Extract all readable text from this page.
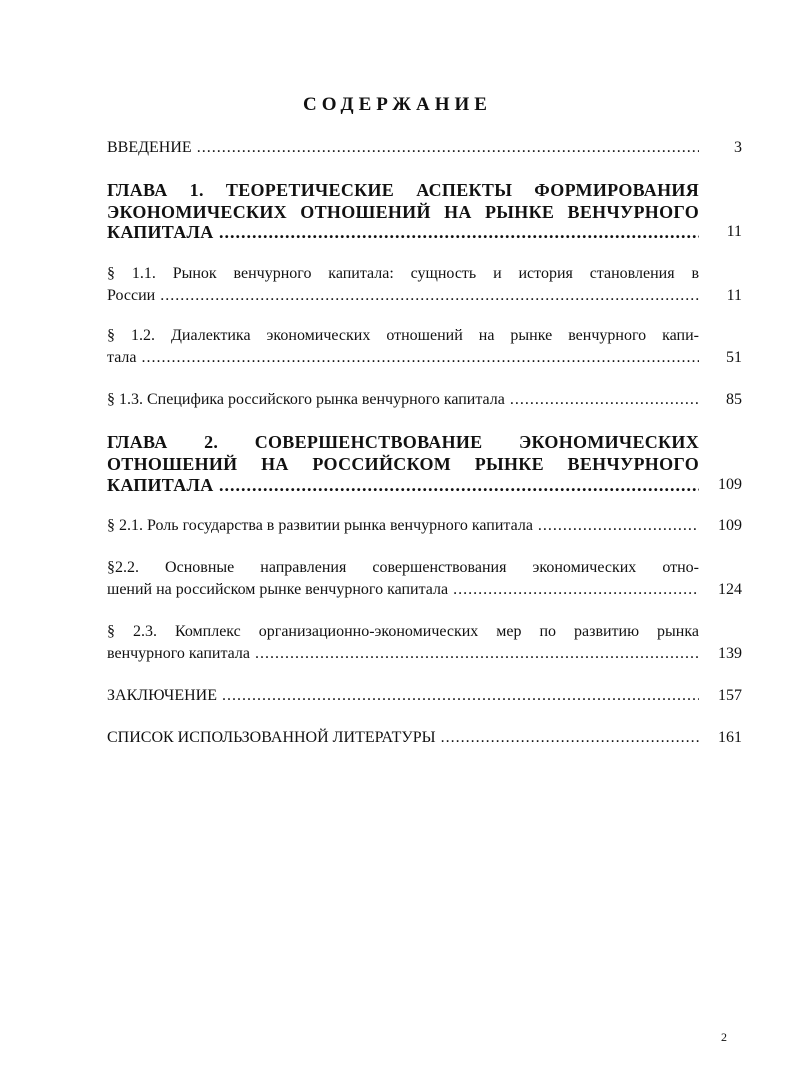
СОДЕРЖАНИЕ
ВВЕДЕНИЕ .....	3
ГЛАВА 1. ТЕОРЕТИЧЕСКИЕ АСПЕКТЫ ФОРМИРОВАНИЯ
ЭКОНОМИЧЕСКИХ ОТНОШЕНИЙ НА РЫНКЕ ВЕНЧУРНОГО
КАПИТАЛА .....	11
§ 1.1. Рынок венчурного капитала: сущность и история становления в
России .....	11
§ 1.2. Диалектика экономических отношений на рынке венчурного капи-
тала .....	51
§ 1.3. Специфика российского рынка венчурного капитала .....	85
ГЛАВА 2. СОВЕРШЕНСТВОВАНИЕ ЭКОНОМИЧЕСКИХ
ОТНОШЕНИЙ НА РОССИЙСКОМ РЫНКЕ ВЕНЧУРНОГО
КАПИТАЛА .....	109
§ 2.1. Роль государства в развитии рынка венчурного капитала .....	109
§2.2. Основные направления совершенствования экономических отно-
шений на российском рынке венчурного капитала .....	124
§ 2.3. Комплекс организационно-экономических мер по развитию рынка
венчурного капитала .....	139
ЗАКЛЮЧЕНИЕ .....	157
СПИСОК ИСПОЛЬЗОВАННОЙ ЛИТЕРАТУРЫ .....	161
2
